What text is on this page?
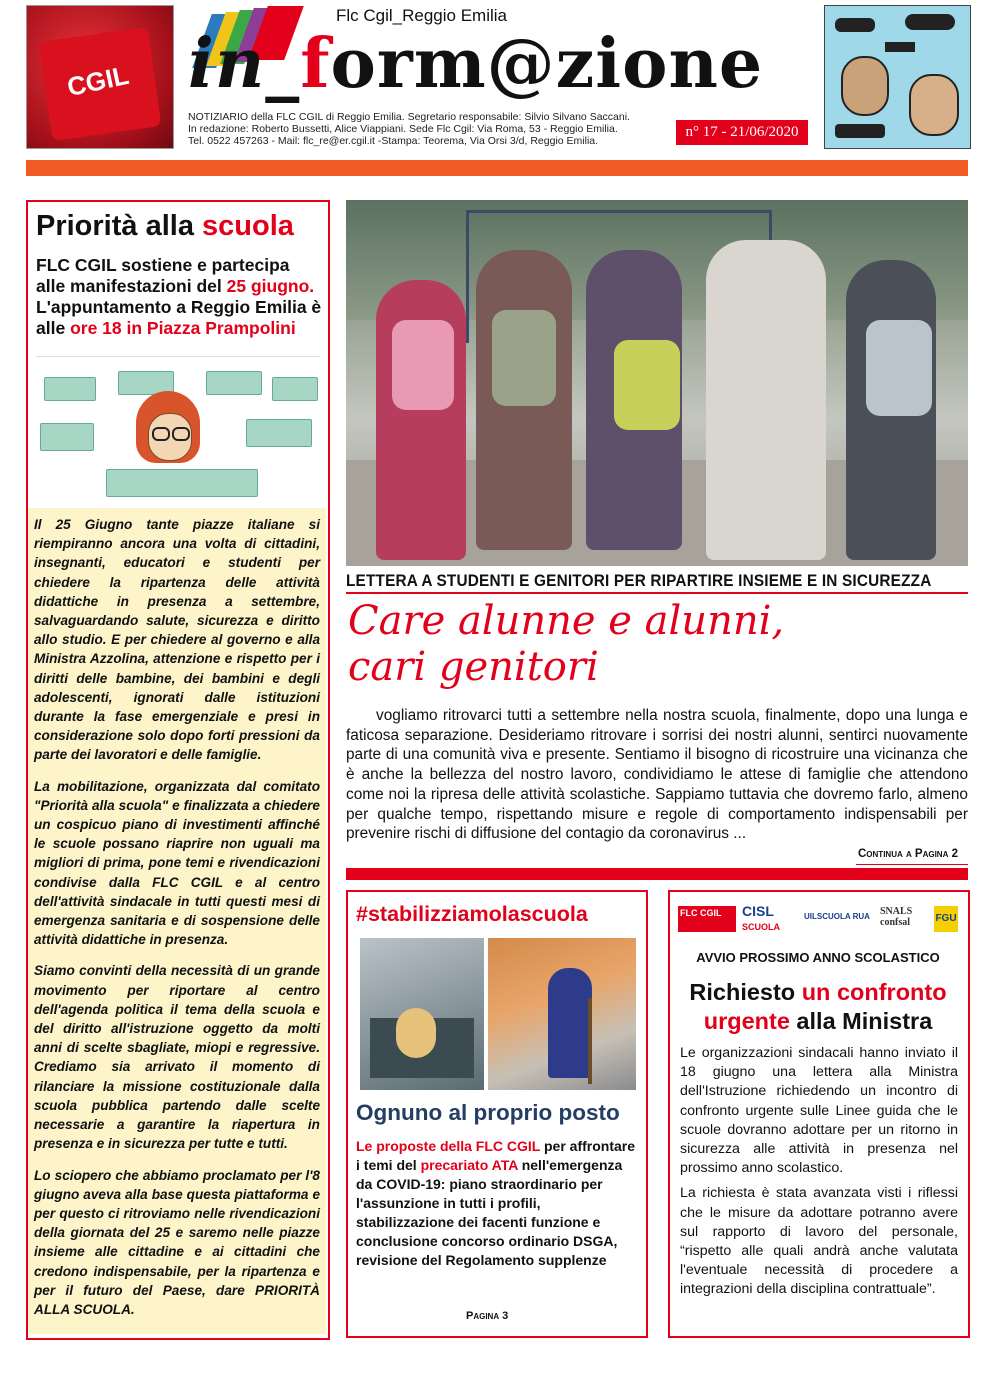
CGIL
Flc Cgil_Reggio Emilia
in_form@zione
NOTIZIARIO della FLC CGIL di Reggio Emilia. Segretario responsabile: Silvio Silvano Saccani.
In redazione: Roberto Bussetti, Alice Viappiani. Sede Flc Cgil: Via Roma, 53 - Reggio Emilia.
Tel. 0522 457263 - Mail: flc_re@er.cgil.it -Stampa: Teorema, Via Orsi 3/d, Reggio Emilia.
n° 17 - 21/06/2020
Priorità alla scuola
FLC CGIL sostiene e partecipa alle manifestazioni del 25 giugno. L'appuntamento a Reggio Emilia è alle ore 18 in Piazza Prampolini

Il 25 Giugno tante piazze italiane si riempiranno ancora una volta di cittadini, insegnanti, educatori e studenti per chiedere la ripartenza delle attività didattiche in presenza a settembre, salvaguardando salute, sicurezza e diritto allo studio. E per chiedere al governo e alla Ministra Azzolina, attenzione e rispetto per i diritti delle bambine, dei bambini e degli adolescenti, ignorati dalle istituzioni durante la fase emergenziale e presi in considerazione solo dopo forti pressioni da parte dei lavoratori e delle famiglie.

La mobilitazione, organizzata dal comitato "Priorità alla scuola" e finalizzata a chiedere un cospicuo piano di investimenti affinché le scuole possano riaprire non uguali ma migliori di prima, pone temi e rivendicazioni condivise dalla FLC CGIL e al centro dell'attività sindacale in tutti questi mesi di emergenza sanitaria e di sospensione delle attività didattiche in presenza.

Siamo convinti della necessità di un grande movimento per riportare al centro dell'agenda politica il tema della scuola e del diritto all'istruzione oggetto da molti anni di scelte sbagliate, miopi e regressive. Crediamo sia arrivato il momento di rilanciare la missione costituzionale dalla scuola pubblica partendo dalle scelte necessarie a garantire la riapertura in presenza e in sicurezza per tutte e tutti.

Lo sciopero che abbiamo proclamato per l'8 giugno aveva alla base questa piattaforma e per questo ci ritroviamo nelle rivendicazioni della giornata del 25 e saremo nelle piazze insieme alle cittadine e ai cittadini che credono indispensabile, per la ripartenza e per il futuro del Paese, dare PRIORITÀ ALLA SCUOLA.

LETTERA A STUDENTI E GENITORI PER RIPARTIRE INSIEME E IN SICUREZZA
Care alunne e alunni,
cari genitori
vogliamo ritrovarci tutti a settembre nella nostra scuola, finalmente, dopo una lunga e faticosa separazione. Desideriamo ritrovare i sorrisi dei nostri alunni, sentirci nuovamente parte di una comunità viva e presente. Sentiamo il bisogno di ricostruire una vicinanza che è anche la bellezza del nostro lavoro, condividiamo le attese di famiglie che attendono come noi la ripresa delle attività scolastiche. Sappiamo tuttavia che dovremo farlo, almeno per qualche tempo, rispettando misure e regole di comportamento indispensabili per prevenire rischi di diffusione del contagio da coronavirus ...
Continua a Pagina 2
#stabilizziamolascuola
Ognuno al proprio posto
Le proposte della FLC CGIL per affrontare i temi del precariato ATA nell'emergenza da COVID-19: piano straordinario per l'assunzione in tutti i profili, stabilizzazione dei facenti funzione e conclusione concorso ordinario DSGA, revisione del Regolamento supplenze
Pagina 3
FLC CGIL	CISL
SCUOLA
UILSCUOLA RUA	SNALS confsal	FGU
AVVIO PROSSIMO ANNO SCOLASTICO
Richiesto un confronto urgente alla Ministra

Le organizzazioni sindacali hanno inviato il 18 giugno una lettera alla Ministra dell'Istruzione richiedendo un incontro di confronto urgente sulle Linee guida che le scuole dovranno adottare per un ritorno in sicurezza alle attività in presenza nel prossimo anno scolastico.

La richiesta è stata avanzata visti i riflessi che le misure da adottare potranno avere sul rapporto di lavoro del personale, “rispetto alle quali andrà anche valutata l'eventuale necessità di procedere a integrazioni della disciplina contrattuale”.
